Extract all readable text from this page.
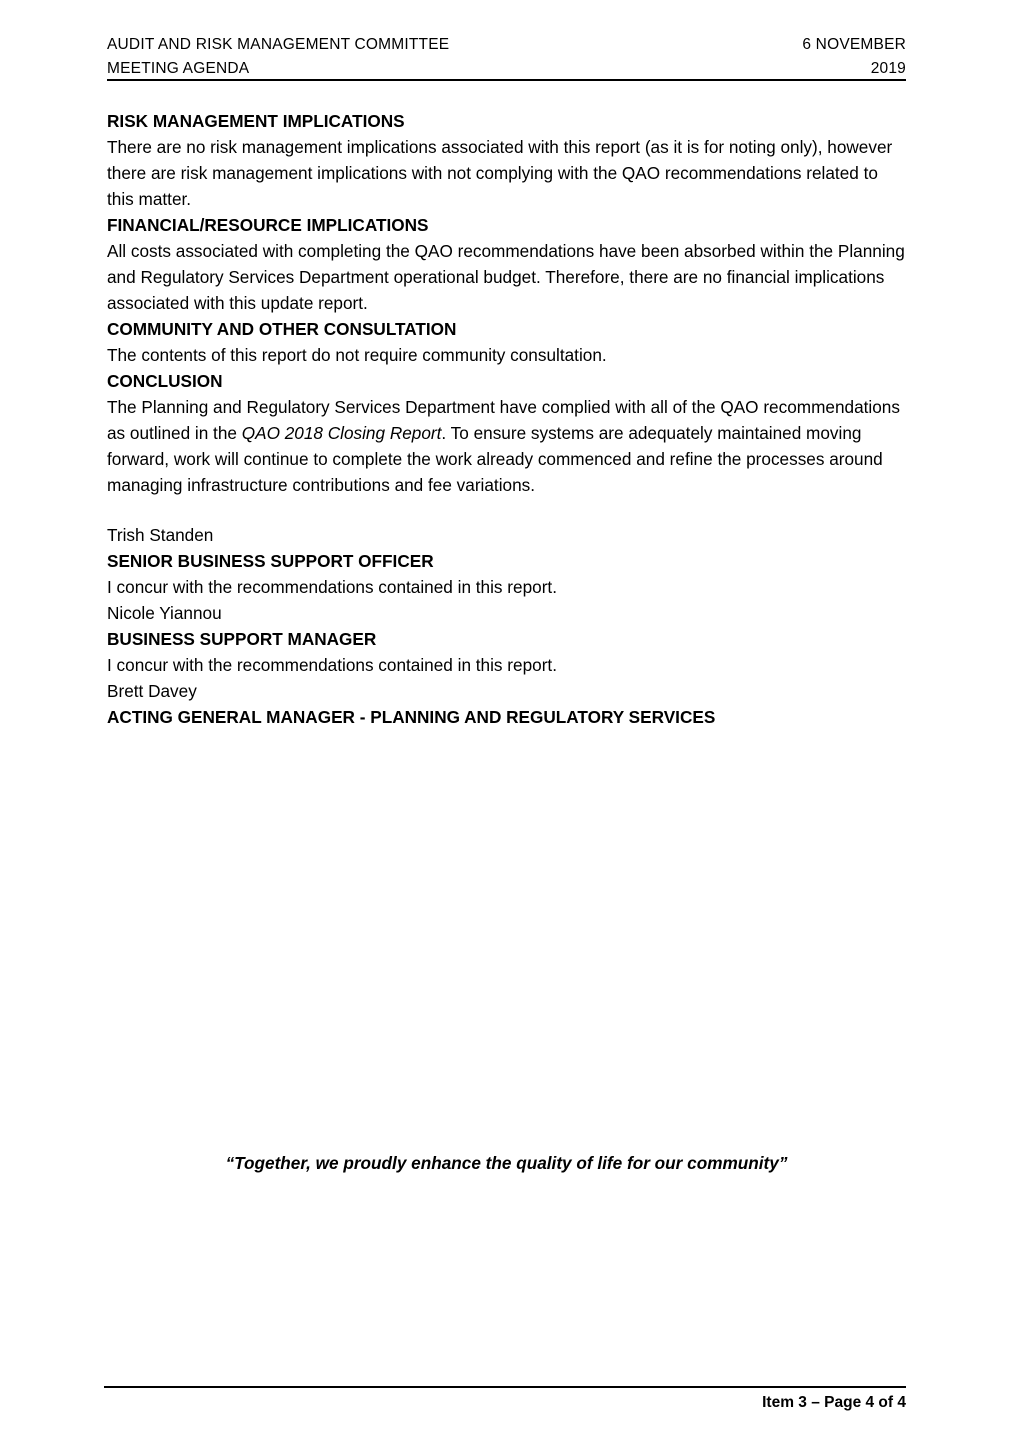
AUDIT AND RISK MANAGEMENT COMMITTEE
MEETING AGENDA
6 NOVEMBER
2019

RISK MANAGEMENT IMPLICATIONS

There are no risk management implications associated with this report (as it is for noting only), however there are risk management implications with not complying with the QAO recommendations related to this matter.

FINANCIAL/RESOURCE IMPLICATIONS

All costs associated with completing the QAO recommendations have been absorbed within the Planning and Regulatory Services Department operational budget. Therefore, there are no financial implications associated with this update report.

COMMUNITY AND OTHER CONSULTATION

The contents of this report do not require community consultation.

CONCLUSION

The Planning and Regulatory Services Department have complied with all of the QAO recommendations as outlined in the QAO 2018 Closing Report. To ensure systems are adequately maintained moving forward, work will continue to complete the work already commenced and refine the processes around managing infrastructure contributions and fee variations.

Trish Standen

SENIOR BUSINESS SUPPORT OFFICER

I concur with the recommendations contained in this report.

Nicole Yiannou

BUSINESS SUPPORT MANAGER

I concur with the recommendations contained in this report.

Brett Davey

ACTING GENERAL MANAGER - PLANNING AND REGULATORY SERVICES

“Together, we proudly enhance the quality of life for our community”
Item 3 – Page 4 of 4
